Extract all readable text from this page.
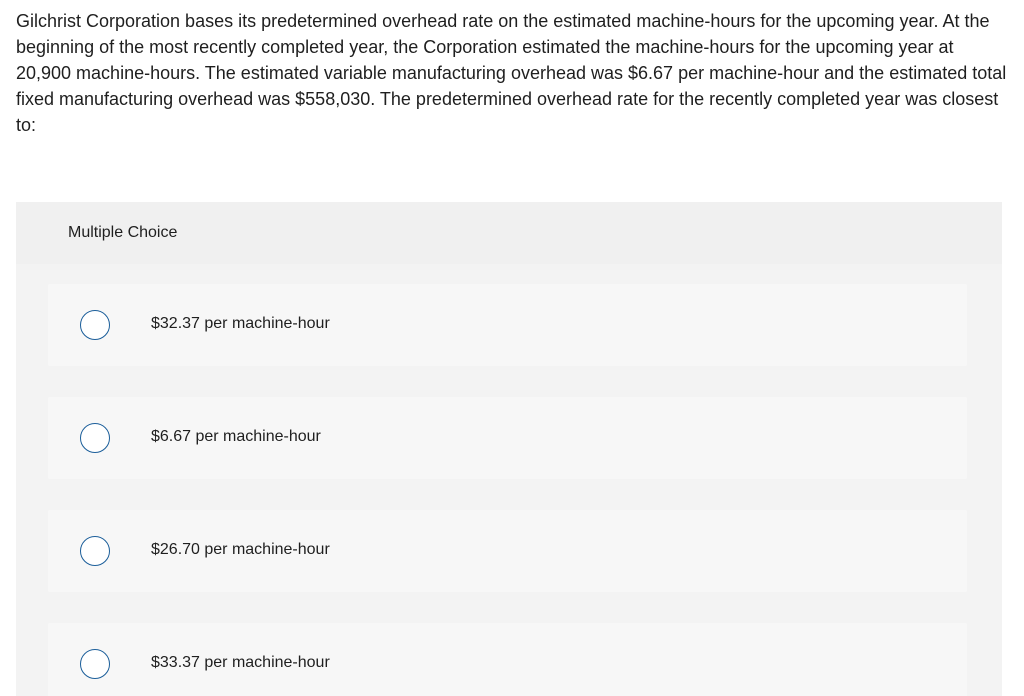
Gilchrist Corporation bases its predetermined overhead rate on the estimated machine-hours for the upcoming year. At the beginning of the most recently completed year, the Corporation estimated the machine-hours for the upcoming year at 20,900 machine-hours. The estimated variable manufacturing overhead was $6.67 per machine-hour and the estimated total fixed manufacturing overhead was $558,030. The predetermined overhead rate for the recently completed year was closest to:

Multiple Choice
$32.37 per machine-hour
$6.67 per machine-hour
$26.70 per machine-hour
$33.37 per machine-hour
